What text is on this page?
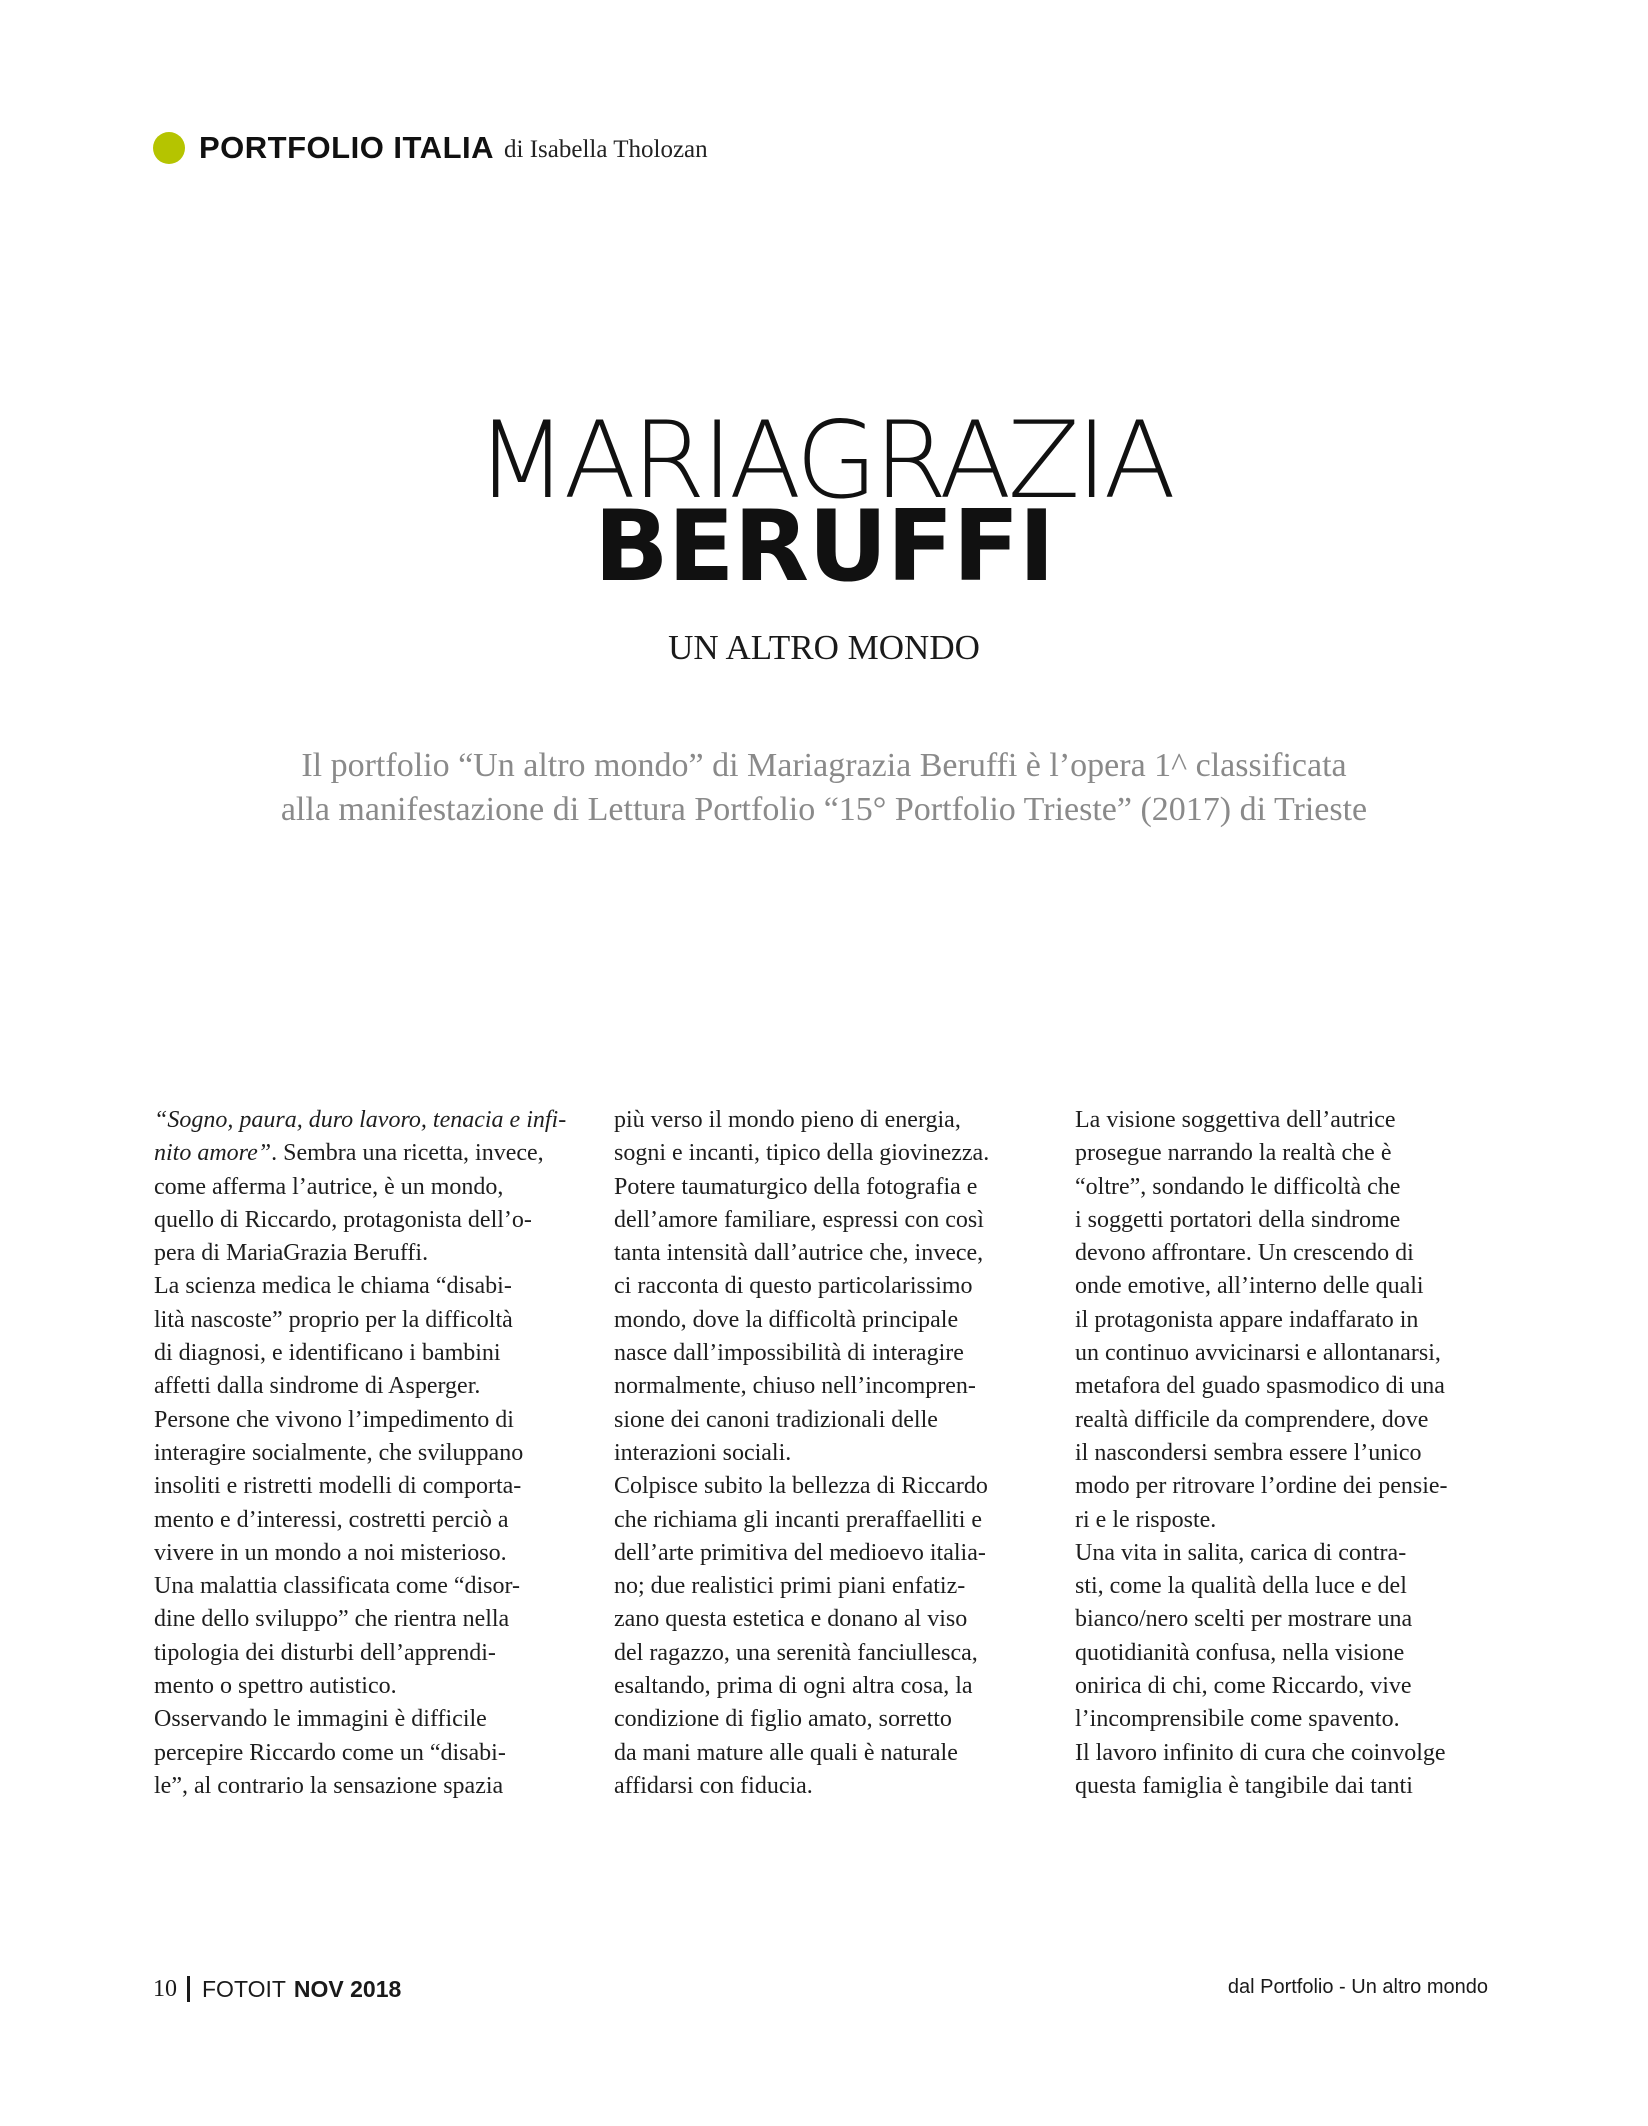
PORTFOLIO ITALIA di Isabella Tholozan
MARIAGRAZIA
BERUFFI
UN ALTRO MONDO

Il portfolio “Un altro mondo” di Mariagrazia Beruffi è l’opera 1^ classificata

alla manifestazione di Lettura Portfolio “15° Portfolio Trieste” (2017) di Trieste

“Sogno, paura, duro lavoro, tenacia e infi-

nito amore”. Sembra una ricetta, invece,

come afferma l’autrice, è un mondo,

quello di Riccardo, protagonista dell’o-

pera di MariaGrazia Beruffi.

La scienza medica le chiama “disabi-

lità nascoste” proprio per la difficoltà

di diagnosi, e identificano i bambini

affetti dalla sindrome di Asperger.

Persone che vivono l’impedimento di

interagire socialmente, che sviluppano

insoliti e ristretti modelli di comporta-

mento e d’interessi, costretti perciò a

vivere in un mondo a noi misterioso.

Una malattia classificata come “disor-

dine dello sviluppo” che rientra nella

tipologia dei disturbi dell’apprendi-

mento o spettro autistico.

Osservando le immagini è difficile

percepire Riccardo come un “disabi-

le”, al contrario la sensazione spazia

più verso il mondo pieno di energia,

sogni e incanti, tipico della giovinezza.

Potere taumaturgico della fotografia e

dell’amore familiare, espressi con così

tanta intensità dall’autrice che, invece,

ci racconta di questo particolarissimo

mondo, dove la difficoltà principale

nasce dall’impossibilità di interagire

normalmente, chiuso nell’incompren-

sione dei canoni tradizionali delle

interazioni sociali.

Colpisce subito la bellezza di Riccardo

che richiama gli incanti preraffaelliti e

dell’arte primitiva del medioevo italia-

no; due realistici primi piani enfatiz-

zano questa estetica e donano al viso

del ragazzo, una serenità fanciullesca,

esaltando, prima di ogni altra cosa, la

condizione di figlio amato, sorretto

da mani mature alle quali è naturale

affidarsi con fiducia.

La visione soggettiva dell’autrice

prosegue narrando la realtà che è

“oltre”, sondando le difficoltà che

i soggetti portatori della sindrome

devono affrontare. Un crescendo di

onde emotive, all’interno delle quali

il protagonista appare indaffarato in

un continuo avvicinarsi e allontanarsi,

metafora del guado spasmodico di una

realtà difficile da comprendere, dove

il nascondersi sembra essere l’unico

modo per ritrovare l’ordine dei pensie-

ri e le risposte.

Una vita in salita, carica di contra-

sti, come la qualità della luce e del

bianco/nero scelti per mostrare una

quotidianità confusa, nella visione

onirica di chi, come Riccardo, vive

l’incomprensibile come spavento.

Il lavoro infinito di cura che coinvolge

questa famiglia è tangibile dai tanti

10 FOTOIT NOV 2018	dal Portfolio - Un altro mondo
